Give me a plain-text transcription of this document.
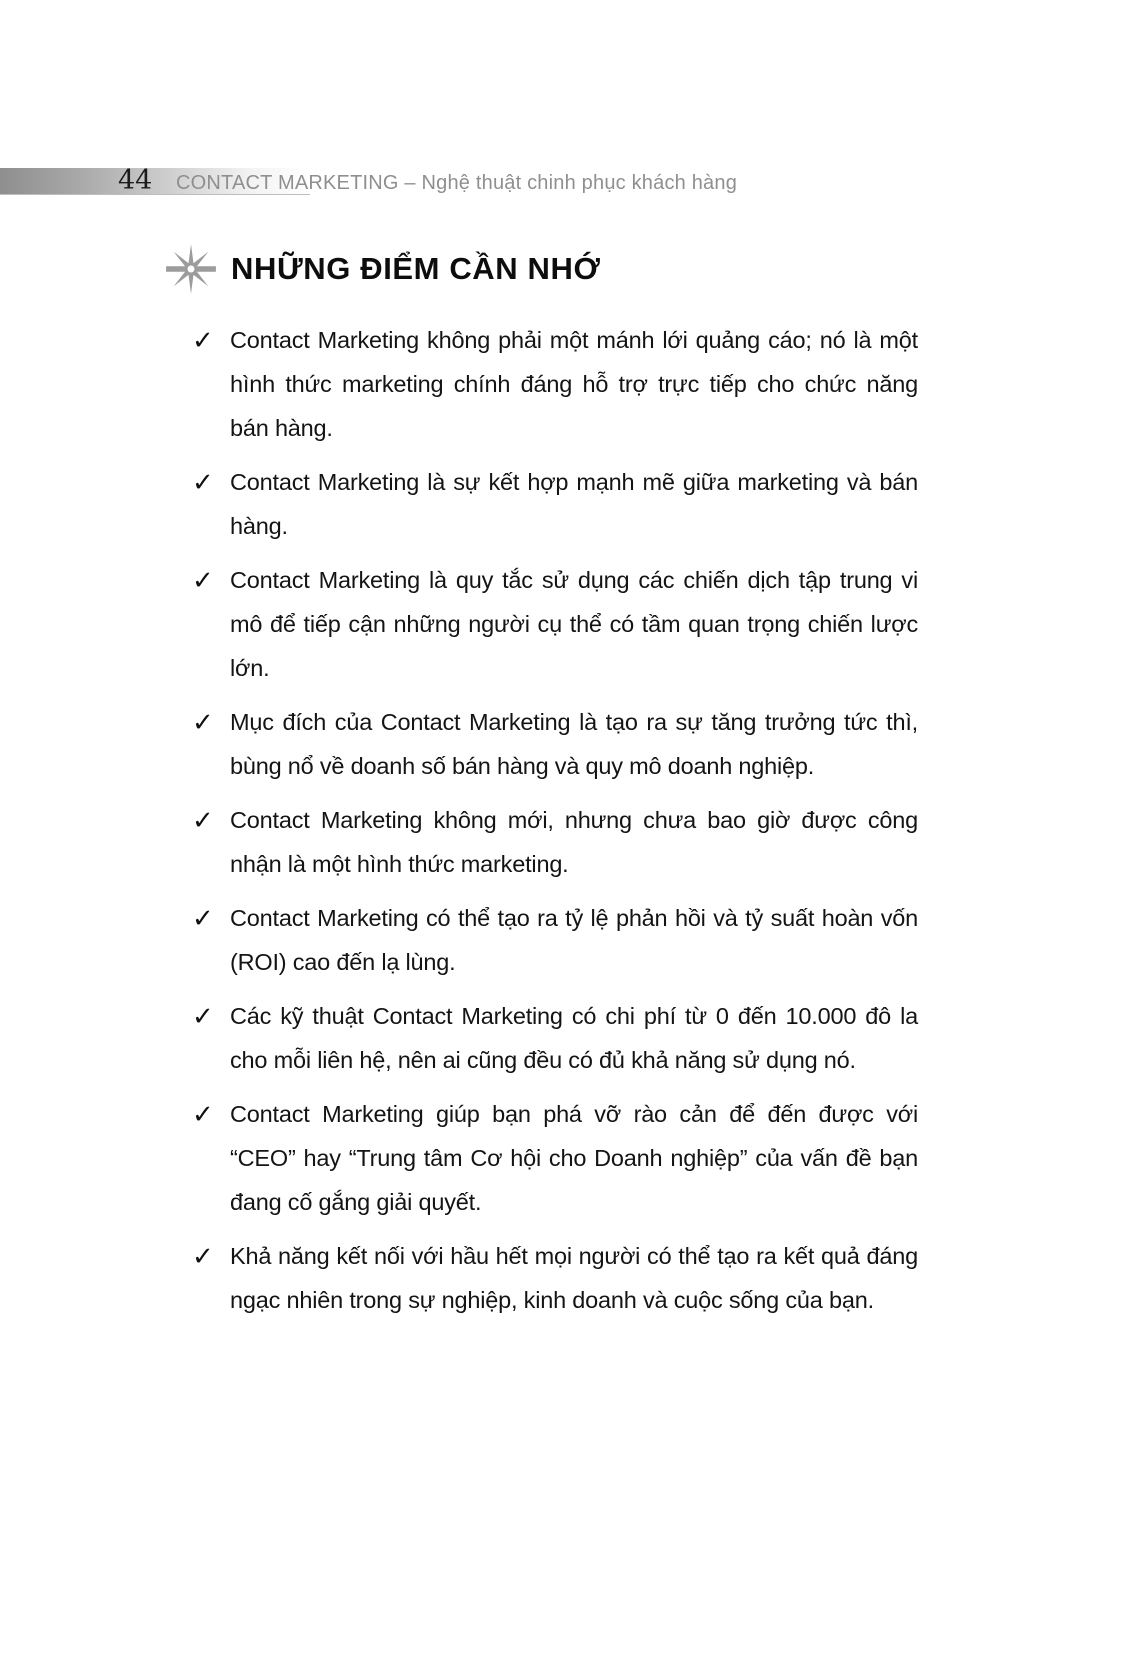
44 CONTACT MARKETING – Nghệ thuật chinh phục khách hàng
NHỮNG ĐIỂM CẦN NHỚ
✓ Contact Marketing không phải một mánh lới quảng cáo; nó là một hình thức marketing chính đáng hỗ trợ trực tiếp cho chức năng bán hàng.
✓ Contact Marketing là sự kết hợp mạnh mẽ giữa marketing và bán hàng.
✓ Contact Marketing là quy tắc sử dụng các chiến dịch tập trung vi mô để tiếp cận những người cụ thể có tầm quan trọng chiến lược lớn.
✓ Mục đích của Contact Marketing là tạo ra sự tăng trưởng tức thì, bùng nổ về doanh số bán hàng và quy mô doanh nghiệp.
✓ Contact Marketing không mới, nhưng chưa bao giờ được công nhận là một hình thức marketing.
✓ Contact Marketing có thể tạo ra tỷ lệ phản hồi và tỷ suất hoàn vốn (ROI) cao đến lạ lùng.
✓ Các kỹ thuật Contact Marketing có chi phí từ 0 đến 10.000 đô la cho mỗi liên hệ, nên ai cũng đều có đủ khả năng sử dụng nó.
✓ Contact Marketing giúp bạn phá vỡ rào cản để đến được với “CEO” hay “Trung tâm Cơ hội cho Doanh nghiệp” của vấn đề bạn đang cố gắng giải quyết.
✓ Khả năng kết nối với hầu hết mọi người có thể tạo ra kết quả đáng ngạc nhiên trong sự nghiệp, kinh doanh và cuộc sống của bạn.
